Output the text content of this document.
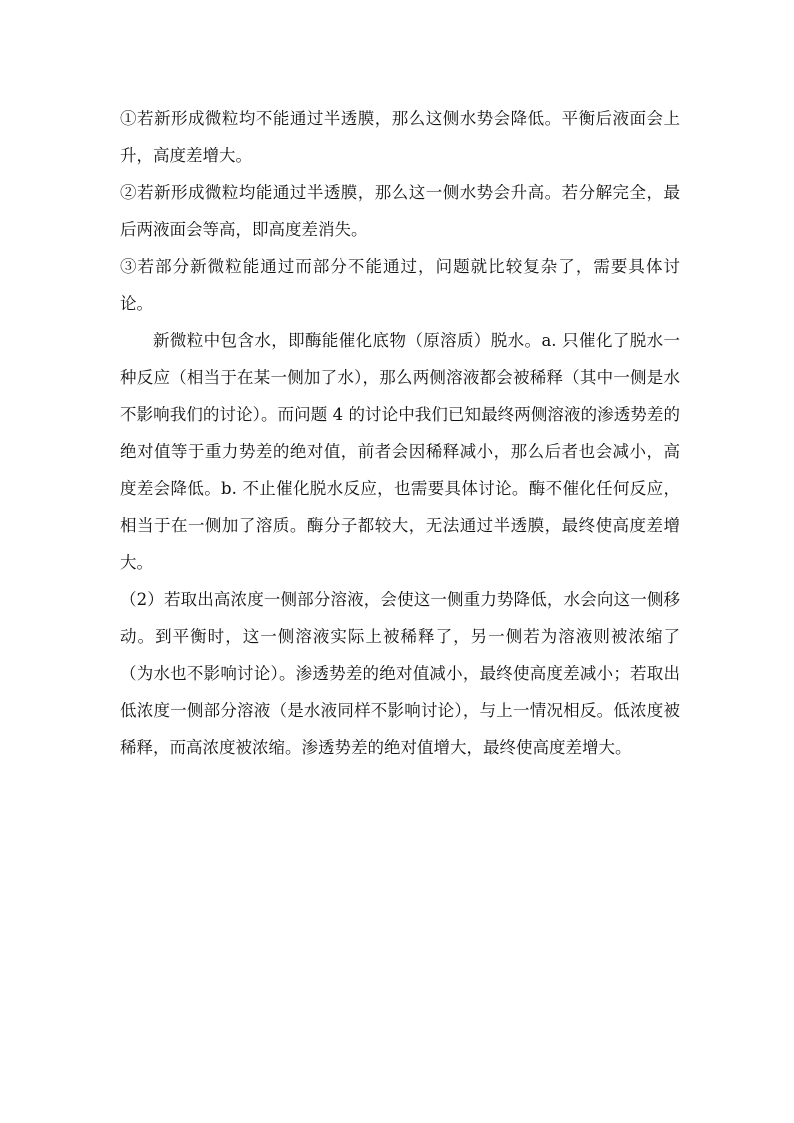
①若新形成微粒均不能通过半透膜，那么这侧水势会降低。平衡后液面会上升，高度差增大。

②若新形成微粒均能通过半透膜，那么这一侧水势会升高。若分解完全，最后两液面会等高，即高度差消失。

③若部分新微粒能通过而部分不能通过，问题就比较复杂了，需要具体讨论。

新微粒中包含水，即酶能催化底物（原溶质）脱水。a. 只催化了脱水一种反应（相当于在某一侧加了水），那么两侧溶液都会被稀释（其中一侧是水不影响我们的讨论）。而问题 4 的讨论中我们已知最终两侧溶液的渗透势差的绝对值等于重力势差的绝对值，前者会因稀释减小，那么后者也会减小，高度差会降低。b. 不止催化脱水反应，也需要具体讨论。酶不催化任何反应，相当于在一侧加了溶质。酶分子都较大，无法通过半透膜，最终使高度差增大。

（2）若取出高浓度一侧部分溶液，会使这一侧重力势降低，水会向这一侧移动。到平衡时，这一侧溶液实际上被稀释了，另一侧若为溶液则被浓缩了（为水也不影响讨论）。渗透势差的绝对值减小，最终使高度差减小；若取出低浓度一侧部分溶液（是水液同样不影响讨论），与上一情况相反。低浓度被稀释，而高浓度被浓缩。渗透势差的绝对值增大，最终使高度差增大。
